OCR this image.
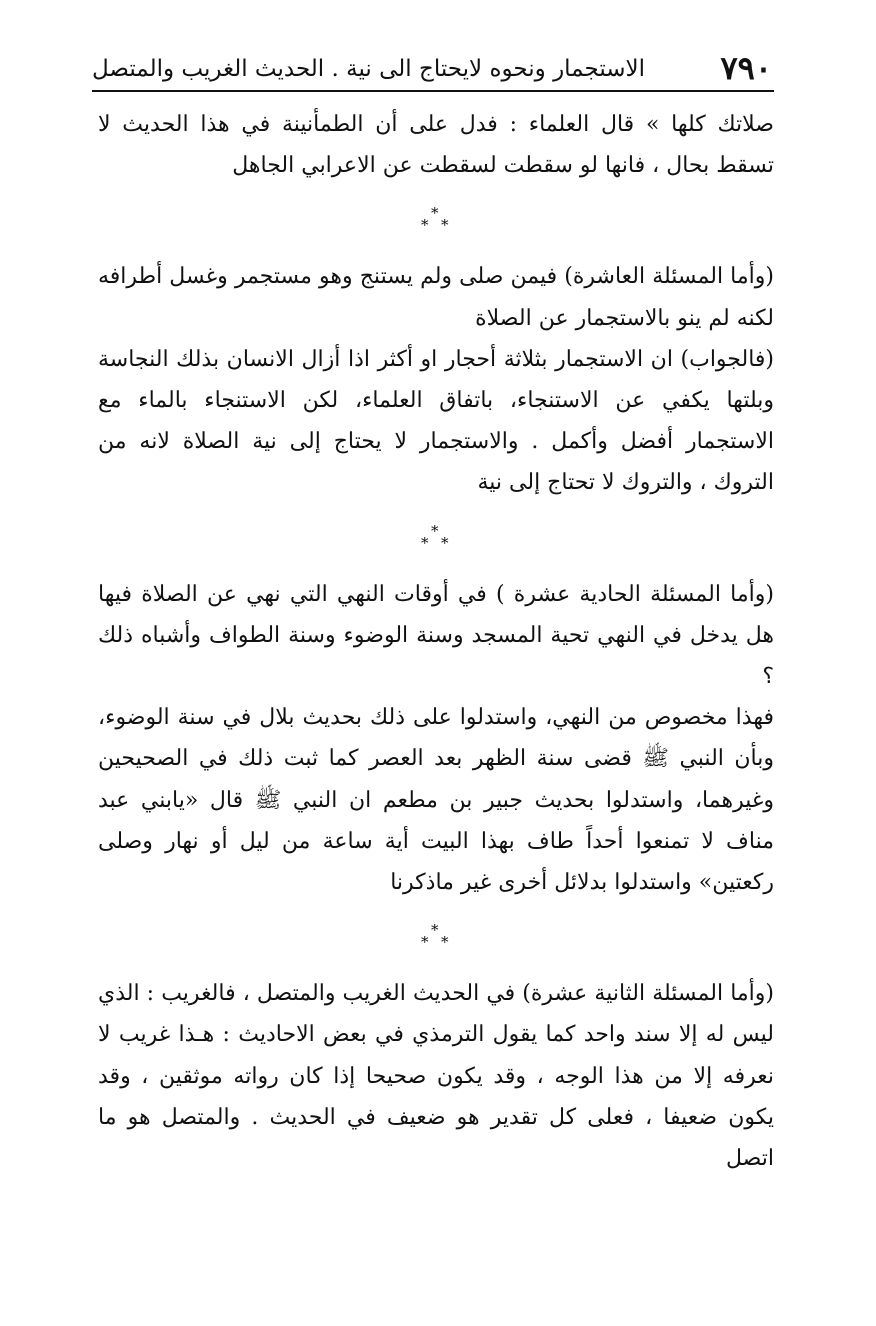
٧٩٠
الاستجمار ونحوه لايحتاج الى نية . الحديث الغريب والمتصل

صلاتك كلها » قال العلماء : فدل على أن الطمأنينة في هذا الحديث لا تسقط بحال ، فانها لو سقطت لسقطت عن الاعرابي الجاهل

*
* *

(وأما المسئلة العاشرة) فيمن صلى ولم يستنج وهو مستجمر وغسل أطرافه لكنه لم ينو بالاستجمار عن الصلاة

(فالجواب) ان الاستجمار بثلاثة أحجار او أكثر اذا أزال الانسان بذلك النجاسة وبلتها يكفي عن الاستنجاء، باتفاق العلماء، لكن الاستنجاء بالماء مع الاستجمار أفضل وأكمل . والاستجمار لا يحتاج إلى نية الصلاة لانه من التروك ، والتروك لا تحتاج إلى نية

*
* *

(وأما المسئلة الحادية عشرة ) في أوقات النهي التي نهي عن الصلاة فيها هل يدخل في النهي تحية المسجد وسنة الوضوء وسنة الطواف وأشباه ذلك ؟

فهذا مخصوص من النهي، واستدلوا على ذلك بحديث بلال في سنة الوضوء، وبأن النبي ﷺ قضى سنة الظهر بعد العصر كما ثبت ذلك في الصحيحين وغيرهما، واستدلوا بحديث جبير بن مطعم ان النبي ﷺ قال «يابني عبد مناف لا تمنعوا أحداً طاف بهذا البيت أية ساعة من ليل أو نهار وصلى ركعتين» واستدلوا بدلائل أخرى غير ماذكرنا

*
* *

(وأما المسئلة الثانية عشرة) في الحديث الغريب والمتصل ، فالغريب : الذي ليس له إلا سند واحد كما يقول الترمذي في بعض الاحاديث : هـذا غريب لا نعرفه إلا من هذا الوجه ، وقد يكون صحيحا إذا كان رواته موثقين ، وقد يكون ضعيفا ، فعلى كل تقدير هو ضعيف في الحديث . والمتصل هو ما اتصل
